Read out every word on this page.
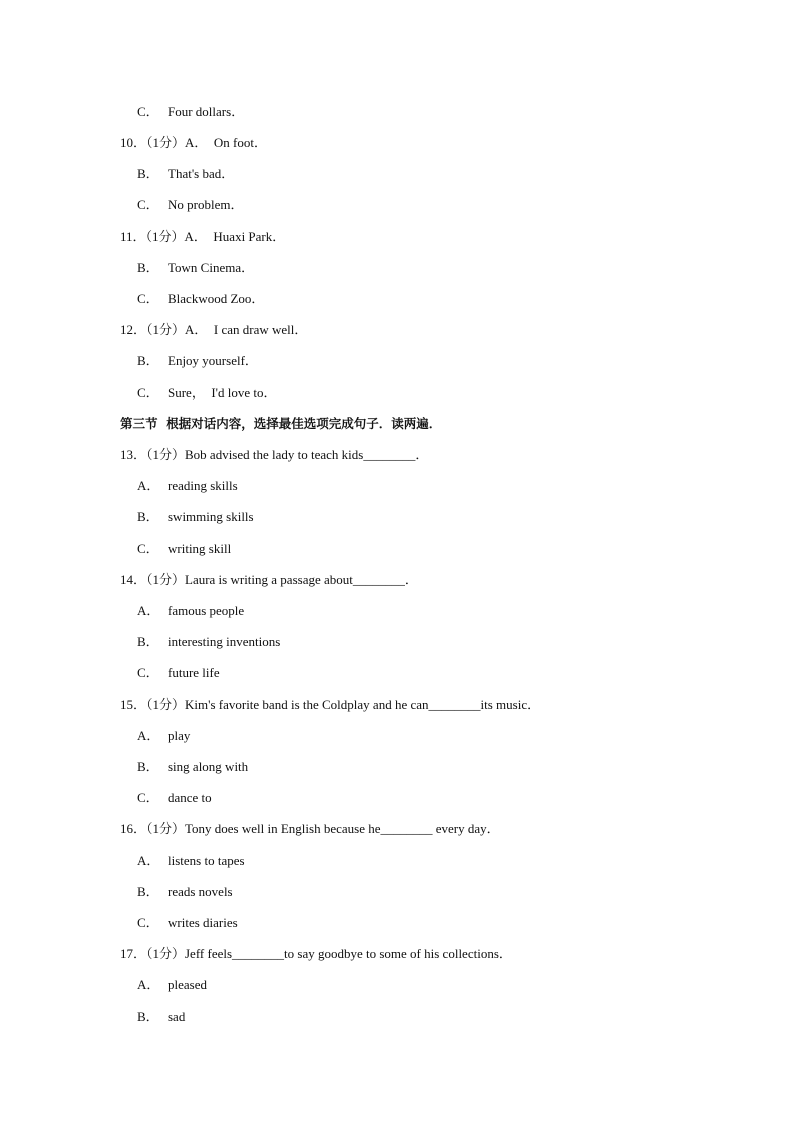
C． Four dollars．
10．（1分）A．  On foot．
B． That's bad．
C． No problem．
11．（1分）A．  Huaxi Park．
B． Town Cinema．
C． Blackwood Zoo．
12．（1分）A．  I can draw well．
B． Enjoy yourself．
C． Sure，  I'd love to．
第三节  根据对话内容，选择最佳选项完成句子．读两遍．
13．（1分）Bob advised the lady to teach kids________．
A． reading skills
B． swimming skills
C． writing skill
14．（1分）Laura is writing a passage about________．
A． famous people
B． interesting inventions
C． future life
15．（1分）Kim's favorite band is the Coldplay and he can________its music．
A． play
B． sing along with
C． dance to
16．（1分）Tony does well in English because he________ every day．
A． listens to tapes
B． reads novels
C． writes diaries
17．（1分）Jeff feels________to say goodbye to some of his collections．
A． pleased
B． sad
